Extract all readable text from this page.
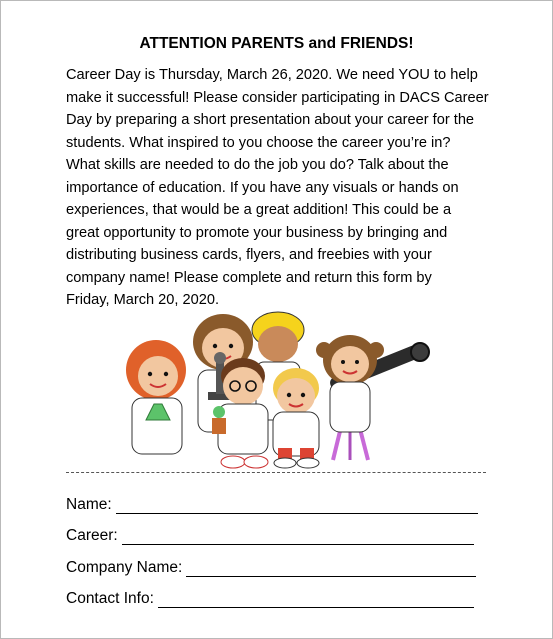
ATTENTION PARENTS and FRIENDS!
Career Day is Thursday, March 26, 2020. We need YOU to help
make it successful! Please consider participating in DACS Career
Day by preparing a short presentation about your career for the
students. What inspired to you choose the career you’re in?
What skills are needed to do the job you do? Talk about the
importance of education. If you have any visuals or hands on
experiences, that would be a great addition! This could be a
great opportunity to promote your business by bringing and
distributing business cards, flyers, and freebies with your
company name! Please complete and return this form by
Friday, March 20, 2020.
Name:
Career:
Company Name:
Contact Info:
